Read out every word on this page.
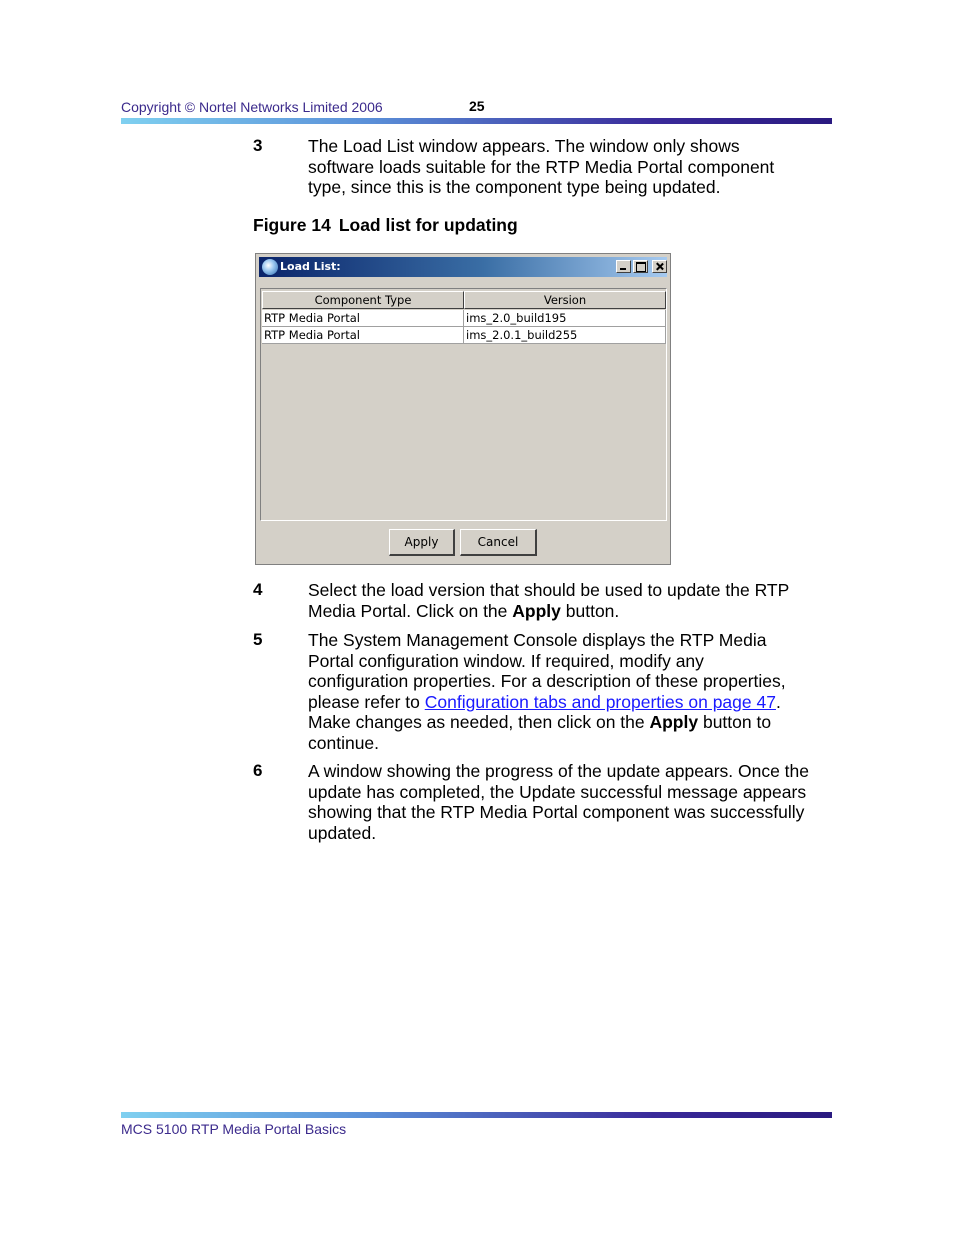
Copyright © Nortel Networks Limited 2006	25
3	The Load List window appears. The window only shows
software loads suitable for the RTP Media Portal component
type, since this is the component type being updated.
Figure 14 Load list for updating
Load List:
Component Type	Version
RTP Media Portal	ims_2.0_build195
RTP Media Portal	ims_2.0.1_build255
Apply	Cancel
4	Select the load version that should be used to update the RTP
Media Portal. Click on the Apply button.
5	The System Management Console displays the RTP Media
Portal configuration window. If required, modify any
configuration properties. For a description of these properties,
please refer to Configuration tabs and properties on page 47.
Make changes as needed, then click on the Apply button to
continue.
6	A window showing the progress of the update appears. Once the
update has completed, the Update successful message appears
showing that the RTP Media Portal component was successfully
updated.
MCS 5100 RTP Media Portal Basics
